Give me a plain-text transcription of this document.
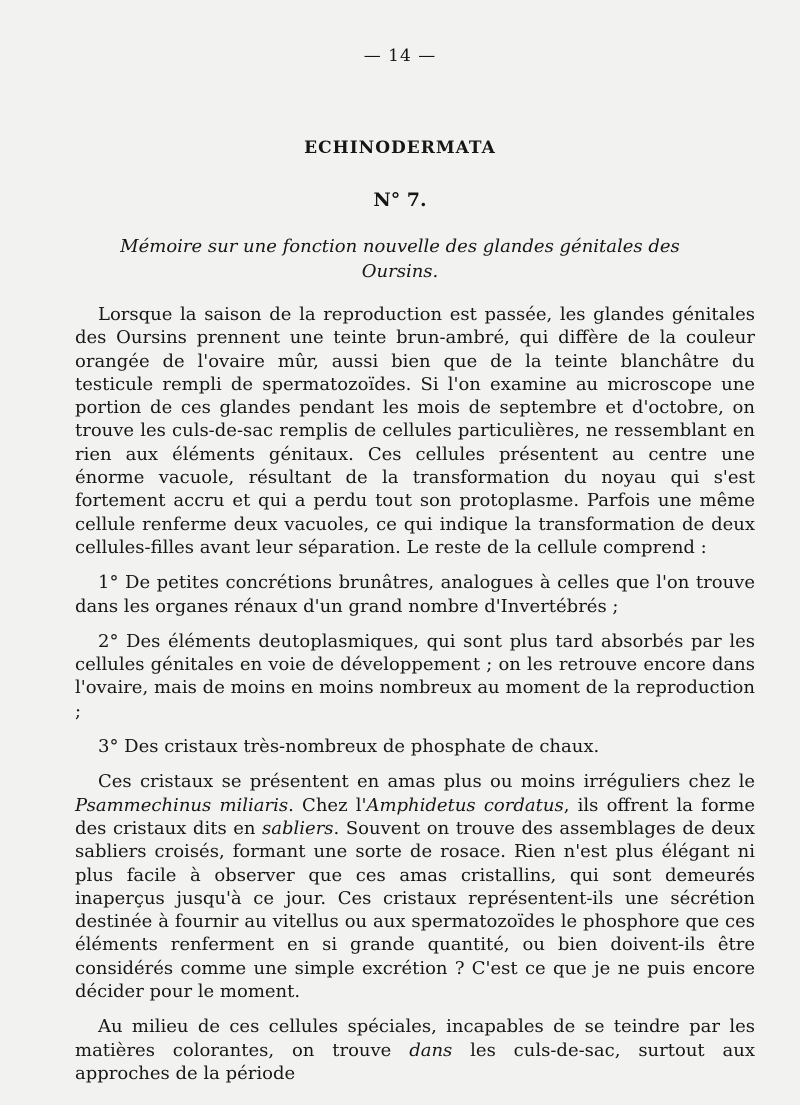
— 14 —
ECHINODERMATA
N° 7.
Mémoire sur une fonction nouvelle des glandes génitales des Oursins.

Lorsque la saison de la reproduction est passée, les glandes génitales des Oursins prennent une teinte brun-ambré, qui diffère de la couleur orangée de l'ovaire mûr, aussi bien que de la teinte blanchâtre du testicule rempli de spermatozoïdes. Si l'on examine au microscope une portion de ces glandes pendant les mois de septembre et d'octobre, on trouve les culs-de-sac remplis de cellules particulières, ne ressemblant en rien aux éléments génitaux. Ces cellules présentent au centre une énorme vacuole, résultant de la transformation du noyau qui s'est fortement accru et qui a perdu tout son protoplasme. Parfois une même cellule renferme deux vacuoles, ce qui indique la transformation de deux cellules-filles avant leur séparation. Le reste de la cellule comprend :

1° De petites concrétions brunâtres, analogues à celles que l'on trouve dans les organes rénaux d'un grand nombre d'Invertébrés ;

2° Des éléments deutoplasmiques, qui sont plus tard absorbés par les cellules génitales en voie de développement ; on les retrouve encore dans l'ovaire, mais de moins en moins nombreux au moment de la reproduction ;

3° Des cristaux très-nombreux de phosphate de chaux.

Ces cristaux se présentent en amas plus ou moins irréguliers chez le Psammechinus miliaris. Chez l'Amphidetus cordatus, ils offrent la forme des cristaux dits en sabliers. Souvent on trouve des assemblages de deux sabliers croisés, formant une sorte de rosace. Rien n'est plus élégant ni plus facile à observer que ces amas cristallins, qui sont demeurés inaperçus jusqu'à ce jour. Ces cristaux représentent-ils une sécrétion destinée à fournir au vitellus ou aux spermatozoïdes le phosphore que ces éléments renferment en si grande quantité, ou bien doivent-ils être considérés comme une simple excrétion ? C'est ce que je ne puis encore décider pour le moment.

Au milieu de ces cellules spéciales, incapables de se teindre par les matières colorantes, on trouve dans les culs-de-sac, surtout aux approches de la période
